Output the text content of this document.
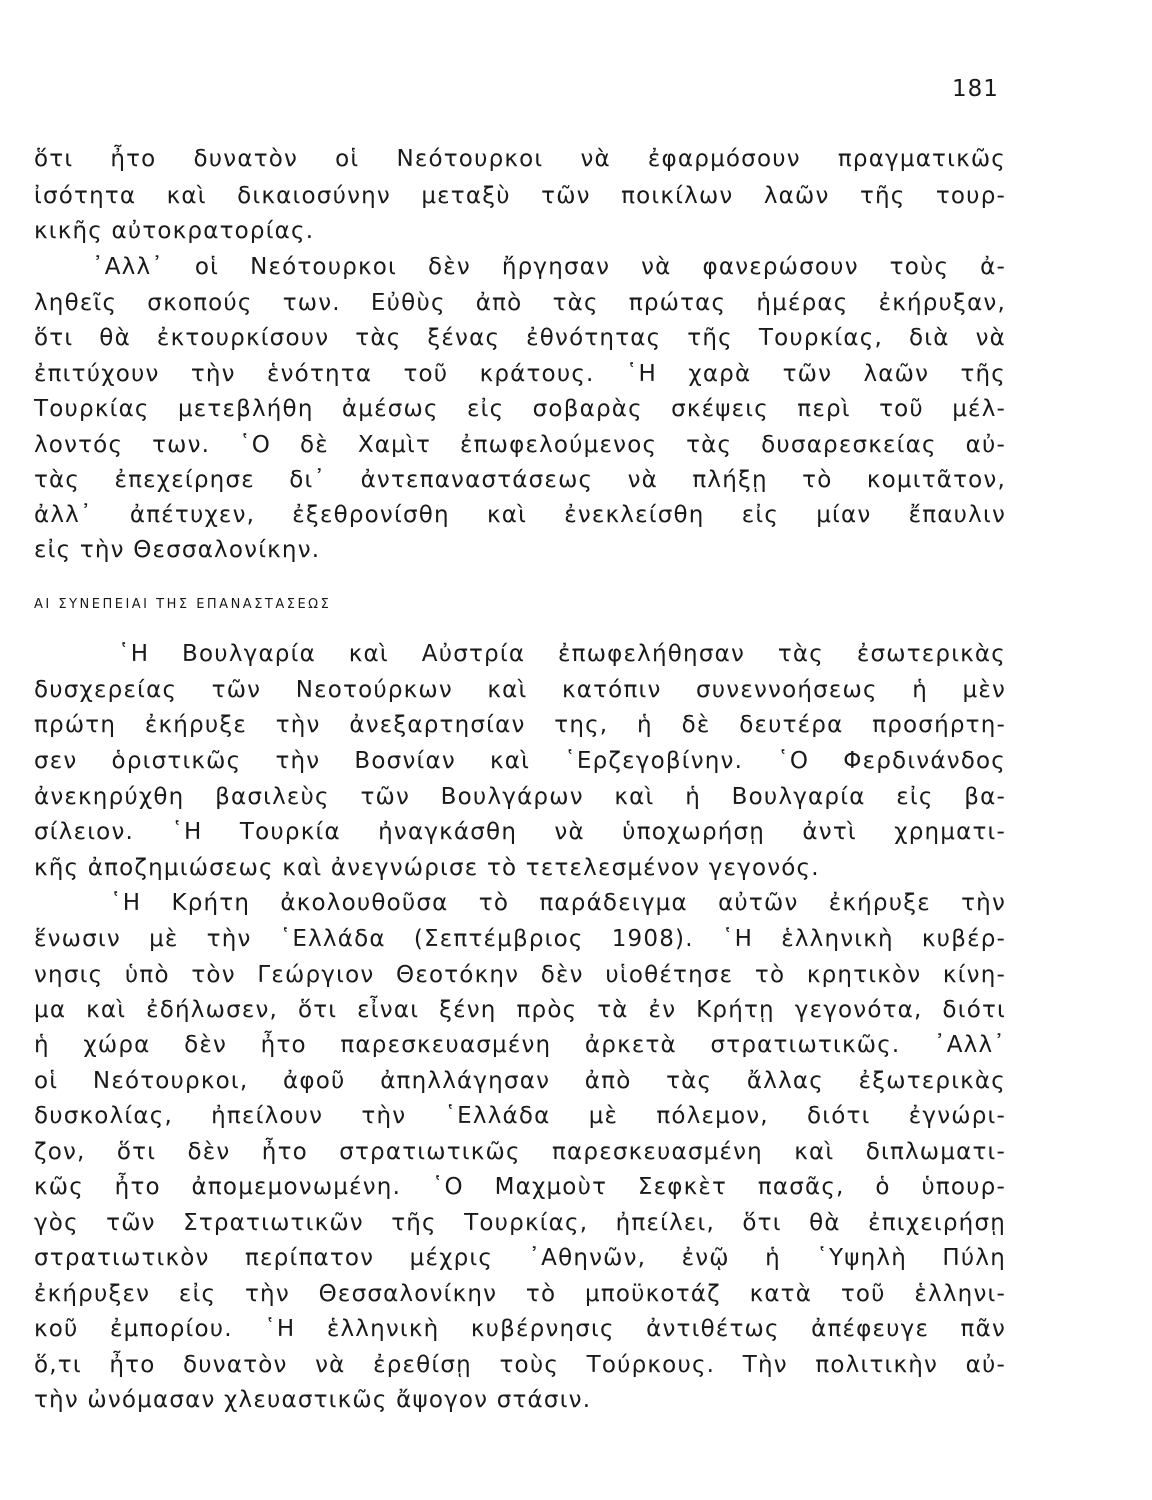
181
ὅτι ἦτο δυνατὸν οἱ Νεότουρκοι νὰ ἐφαρμόσουν πραγματικῶς
ἰσότητα καὶ δικαιοσύνην μεταξὺ τῶν ποικίλων λαῶν τῆς τουρ-
κικῆς αὐτοκρατορίας.
᾿Αλλ᾿ οἱ Νεότουρκοι δὲν ἤργησαν νὰ φανερώσουν τοὺς ἀ-
ληθεῖς σκοπούς των. Εὐθὺς ἀπὸ τὰς πρώτας ἡμέρας ἐκήρυξαν,
ὅτι θὰ ἐκτουρκίσουν τὰς ξένας ἐθνότητας τῆς Τουρκίας, διὰ νὰ
ἐπιτύχουν τὴν ἑνότητα τοῦ κράτους. ῾Η χαρὰ τῶν λαῶν τῆς
Τουρκίας μετεβλήθη ἀμέσως εἰς σοβαρὰς σκέψεις περὶ τοῦ μέλ-
λοντός των. ῾Ο δὲ Χαμὶτ ἐπωφελούμενος τὰς δυσαρεσκείας αὐ-
τὰς ἐπεχείρησε δι᾿ ἀντεπαναστάσεως νὰ πλήξῃ τὸ κομιτᾶτον,
ἀλλ᾿ ἀπέτυχεν, ἐξεθρονίσθη καὶ ἐνεκλείσθη εἰς μίαν ἔπαυλιν
εἰς τὴν Θεσσαλονίκην.
ΑΙ ΣΥΝΕΠΕΙΑΙ ΤΗΣ ΕΠΑΝΑΣΤΑΣΕΩΣ
῾Η Βουλγαρία καὶ Αὐστρία ἐπωφελήθησαν τὰς ἐσωτερικὰς
δυσχερείας τῶν Νεοτούρκων καὶ κατόπιν συνεννοήσεως ἡ μὲν
πρώτη ἐκήρυξε τὴν ἀνεξαρτησίαν της, ἡ δὲ δευτέρα προσήρτη-
σεν ὁριστικῶς τὴν Βοσνίαν καὶ ῾Ερζεγοβίνην. ῾Ο Φερδινάνδος
ἀνεκηρύχθη βασιλεὺς τῶν Βουλγάρων καὶ ἡ Βουλγαρία εἰς βα-
σίλειον. ῾Η Τουρκία ἠναγκάσθη νὰ ὑποχωρήσῃ ἀντὶ χρηματι-
κῆς ἀποζημιώσεως καὶ ἀνεγνώρισε τὸ τετελεσμένον γεγονός.
῾Η Κρήτη ἀκολουθοῦσα τὸ παράδειγμα αὐτῶν ἐκήρυξε τὴν
ἕνωσιν μὲ τὴν ῾Ελλάδα (Σεπτέμβριος 1908). ῾Η ἑλληνικὴ κυβέρ-
νησις ὑπὸ τὸν Γεώργιον Θεοτόκην δὲν υἱοθέτησε τὸ κρητικὸν κίνη-
μα καὶ ἐδήλωσεν, ὅτι εἶναι ξένη πρὸς τὰ ἐν Κρήτῃ γεγονότα, διότι
ἡ χώρα δὲν ἦτο παρεσκευασμένη ἀρκετὰ στρατιωτικῶς. ᾿Αλλ᾿
οἱ Νεότουρκοι, ἀφοῦ ἀπηλλάγησαν ἀπὸ τὰς ἄλλας ἐξωτερικὰς
δυσκολίας, ἠπείλουν τὴν ῾Ελλάδα μὲ πόλεμον, διότι ἐγνώρι-
ζον, ὅτι δὲν ἦτο στρατιωτικῶς παρεσκευασμένη καὶ διπλωματι-
κῶς ἦτο ἀπομεμονωμένη. ῾Ο Μαχμοὺτ Σεφκὲτ πασᾶς, ὁ ὑπουρ-
γὸς τῶν Στρατιωτικῶν τῆς Τουρκίας, ἠπείλει, ὅτι θὰ ἐπιχειρήσῃ
στρατιωτικὸν περίπατον μέχρις ᾿Αθηνῶν, ἐνῷ ἡ ῾Υψηλὴ Πύλη
ἐκήρυξεν εἰς τὴν Θεσσαλονίκην τὸ μποϋκοτάζ κατὰ τοῦ ἑλληνι-
κοῦ ἐμπορίου. ῾Η ἑλληνικὴ κυβέρνησις ἀντιθέτως ἀπέφευγε πᾶν
ὅ,τι ἦτο δυνατὸν νὰ ἐρεθίσῃ τοὺς Τούρκους. Τὴν πολιτικὴν αὐ-
τὴν ὠνόμασαν χλευαστικῶς ἄψογον στάσιν.
